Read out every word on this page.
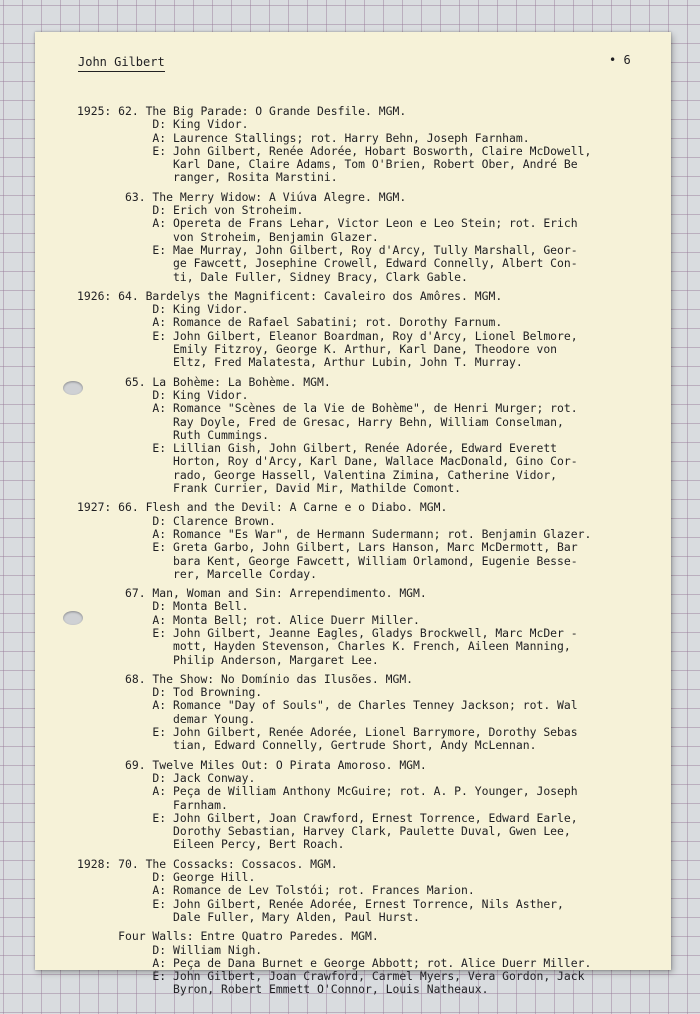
John Gilbert	• 6
1925: 62. The Big Parade: O Grande Desfile. MGM.
D: King Vidor.
A: Laurence Stallings; rot. Harry Behn, Joseph Farnham.
E: John Gilbert, Renée Adorée, Hobart Bosworth, Claire McDowell,
Karl Dane, Claire Adams, Tom O'Brien, Robert Ober, André Be
ranger, Rosita Marstini.
63. The Merry Widow: A Viúva Alegre. MGM.
D: Erich von Stroheim.
A: Opereta de Frans Lehar, Victor Leon e Leo Stein; rot. Erich
von Stroheim, Benjamin Glazer.
E: Mae Murray, John Gilbert, Roy d'Arcy, Tully Marshall, Geor-
ge Fawcett, Josephine Crowell, Edward Connelly, Albert Con-
ti, Dale Fuller, Sidney Bracy, Clark Gable.
1926: 64. Bardelys the Magnificent: Cavaleiro dos Amôres. MGM.
D: King Vidor.
A: Romance de Rafael Sabatini; rot. Dorothy Farnum.
E: John Gilbert, Eleanor Boardman, Roy d'Arcy, Lionel Belmore,
Emily Fitzroy, George K. Arthur, Karl Dane, Theodore von
Eltz, Fred Malatesta, Arthur Lubin, John T. Murray.
65. La Bohème: La Bohème. MGM.
D: King Vidor.
A: Romance "Scènes de la Vie de Bohème", de Henri Murger; rot.
Ray Doyle, Fred de Gresac, Harry Behn, William Conselman,
Ruth Cummings.
E: Lillian Gish, John Gilbert, Renée Adorée, Edward Everett
Horton, Roy d'Arcy, Karl Dane, Wallace MacDonald, Gino Cor-
rado, George Hassell, Valentina Zimina, Catherine Vidor,
Frank Currier, David Mir, Mathilde Comont.
1927: 66. Flesh and the Devil: A Carne e o Diabo. MGM.
D: Clarence Brown.
A: Romance "Es War", de Hermann Sudermann; rot. Benjamin Glazer.
E: Greta Garbo, John Gilbert, Lars Hanson, Marc McDermott, Bar
bara Kent, George Fawcett, William Orlamond, Eugenie Besse-
rer, Marcelle Corday.
67. Man, Woman and Sin: Arrependimento. MGM.
D: Monta Bell.
A: Monta Bell; rot. Alice Duerr Miller.
E: John Gilbert, Jeanne Eagles, Gladys Brockwell, Marc McDer -
mott, Hayden Stevenson, Charles K. French, Aileen Manning,
Philip Anderson, Margaret Lee.
68. The Show: No Domínio das Ilusões. MGM.
D: Tod Browning.
A: Romance "Day of Souls", de Charles Tenney Jackson; rot. Wal
demar Young.
E: John Gilbert, Renée Adorée, Lionel Barrymore, Dorothy Sebas
tian, Edward Connelly, Gertrude Short, Andy McLennan.
69. Twelve Miles Out: O Pirata Amoroso. MGM.
D: Jack Conway.
A: Peça de William Anthony McGuire; rot. A. P. Younger, Joseph
Farnham.
E: John Gilbert, Joan Crawford, Ernest Torrence, Edward Earle,
Dorothy Sebastian, Harvey Clark, Paulette Duval, Gwen Lee,
Eileen Percy, Bert Roach.
1928: 70. The Cossacks: Cossacos. MGM.
D: George Hill.
A: Romance de Lev Tolstói; rot. Frances Marion.
E: John Gilbert, Renée Adorée, Ernest Torrence, Nils Asther,
Dale Fuller, Mary Alden, Paul Hurst.
Four Walls: Entre Quatro Paredes. MGM.
D: William Nigh.
A: Peça de Dana Burnet e George Abbott; rot. Alice Duerr Miller.
E: John Gilbert, Joan Crawford, Carmel Myers, Vera Gordon, Jack
Byron, Robert Emmett O'Connor, Louis Natheaux.
